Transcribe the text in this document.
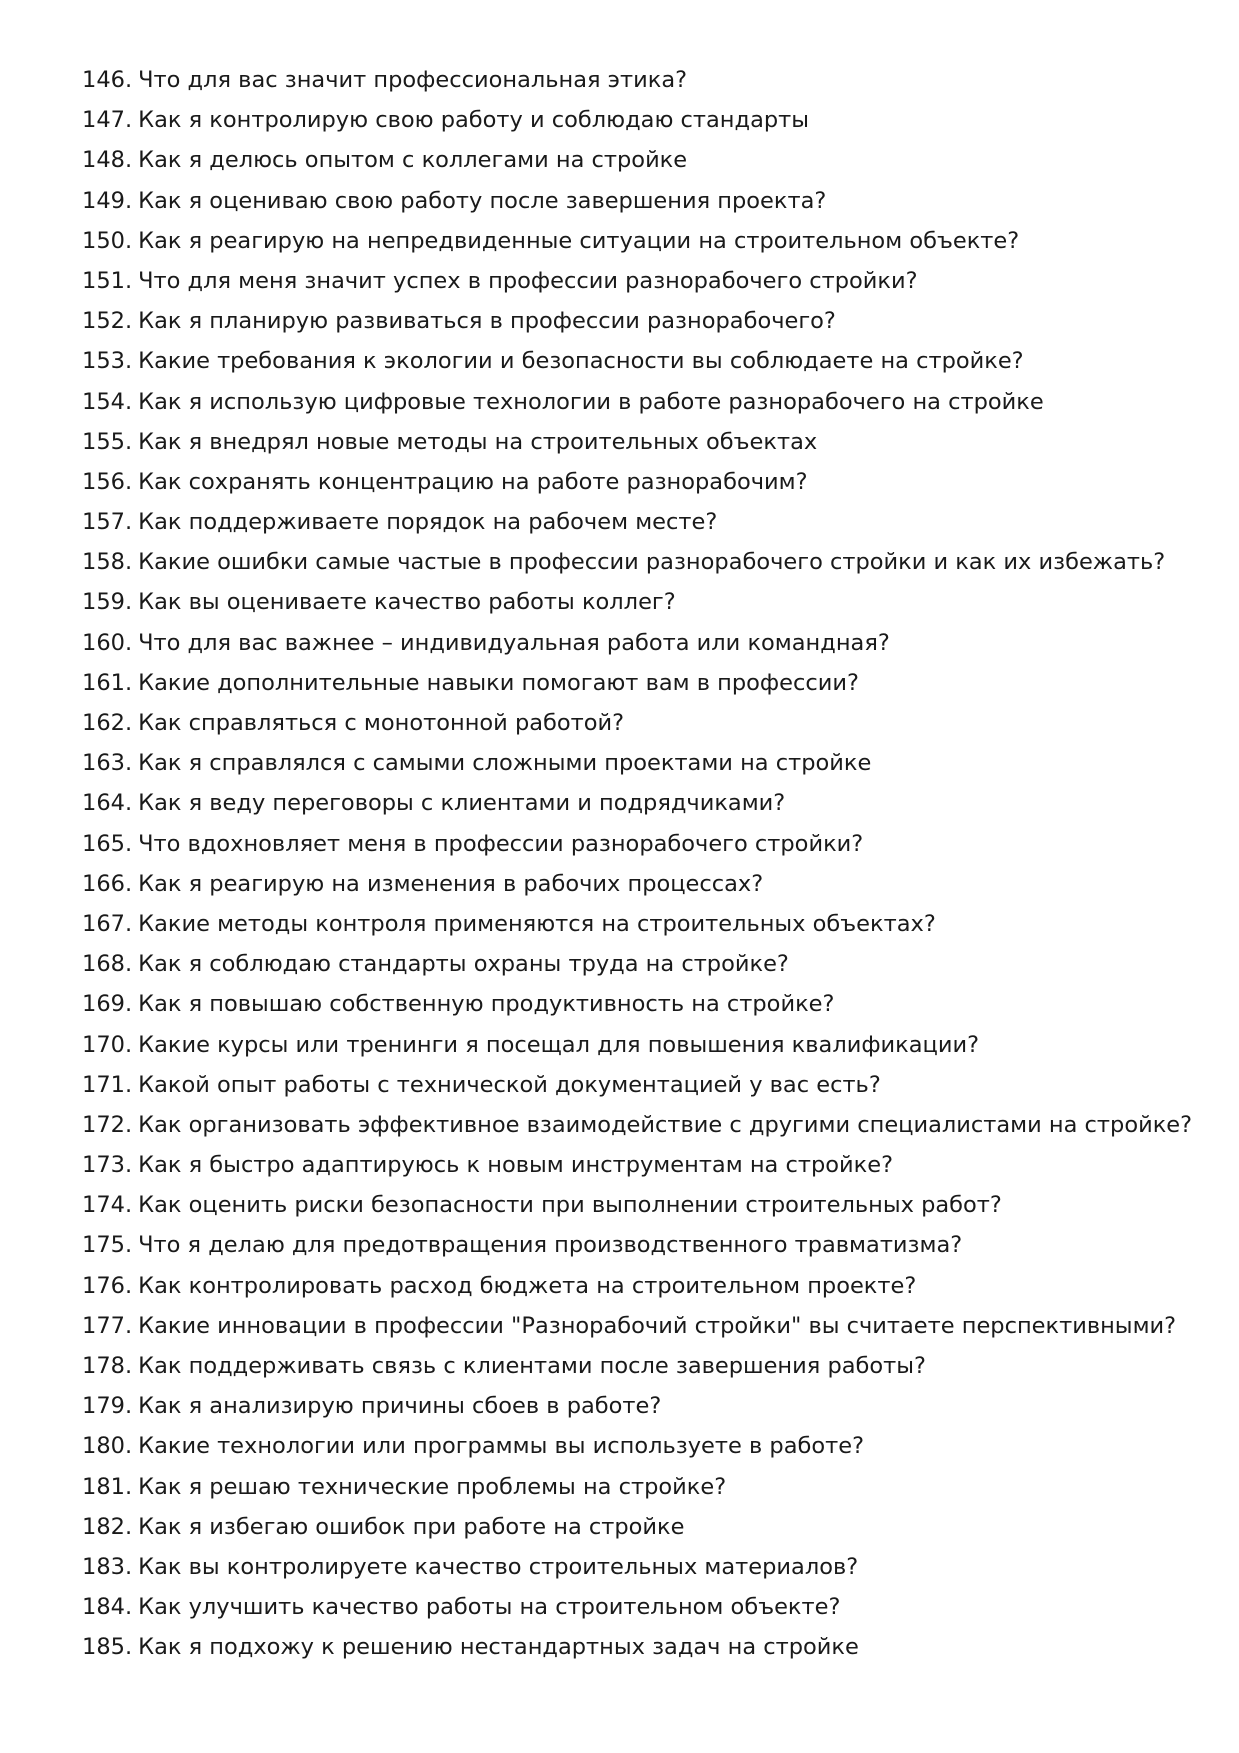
146. Что для вас значит профессиональная этика?
147. Как я контролирую свою работу и соблюдаю стандарты
148. Как я делюсь опытом с коллегами на стройке
149. Как я оцениваю свою работу после завершения проекта?
150. Как я реагирую на непредвиденные ситуации на строительном объекте?
151. Что для меня значит успех в профессии разнорабочего стройки?
152. Как я планирую развиваться в профессии разнорабочего?
153. Какие требования к экологии и безопасности вы соблюдаете на стройке?
154. Как я использую цифровые технологии в работе разнорабочего на стройке
155. Как я внедрял новые методы на строительных объектах
156. Как сохранять концентрацию на работе разнорабочим?
157. Как поддерживаете порядок на рабочем месте?
158. Какие ошибки самые частые в профессии разнорабочего стройки и как их избежать?
159. Как вы оцениваете качество работы коллег?
160. Что для вас важнее – индивидуальная работа или командная?
161. Какие дополнительные навыки помогают вам в профессии?
162. Как справляться с монотонной работой?
163. Как я справлялся с самыми сложными проектами на стройке
164. Как я веду переговоры с клиентами и подрядчиками?
165. Что вдохновляет меня в профессии разнорабочего стройки?
166. Как я реагирую на изменения в рабочих процессах?
167. Какие методы контроля применяются на строительных объектах?
168. Как я соблюдаю стандарты охраны труда на стройке?
169. Как я повышаю собственную продуктивность на стройке?
170. Какие курсы или тренинги я посещал для повышения квалификации?
171. Какой опыт работы с технической документацией у вас есть?
172. Как организовать эффективное взаимодействие с другими специалистами на стройке?
173. Как я быстро адаптируюсь к новым инструментам на стройке?
174. Как оценить риски безопасности при выполнении строительных работ?
175. Что я делаю для предотвращения производственного травматизма?
176. Как контролировать расход бюджета на строительном проекте?
177. Какие инновации в профессии "Разнорабочий стройки" вы считаете перспективными?
178. Как поддерживать связь с клиентами после завершения работы?
179. Как я анализирую причины сбоев в работе?
180. Какие технологии или программы вы используете в работе?
181. Как я решаю технические проблемы на стройке?
182. Как я избегаю ошибок при работе на стройке
183. Как вы контролируете качество строительных материалов?
184. Как улучшить качество работы на строительном объекте?
185. Как я подхожу к решению нестандартных задач на стройке
